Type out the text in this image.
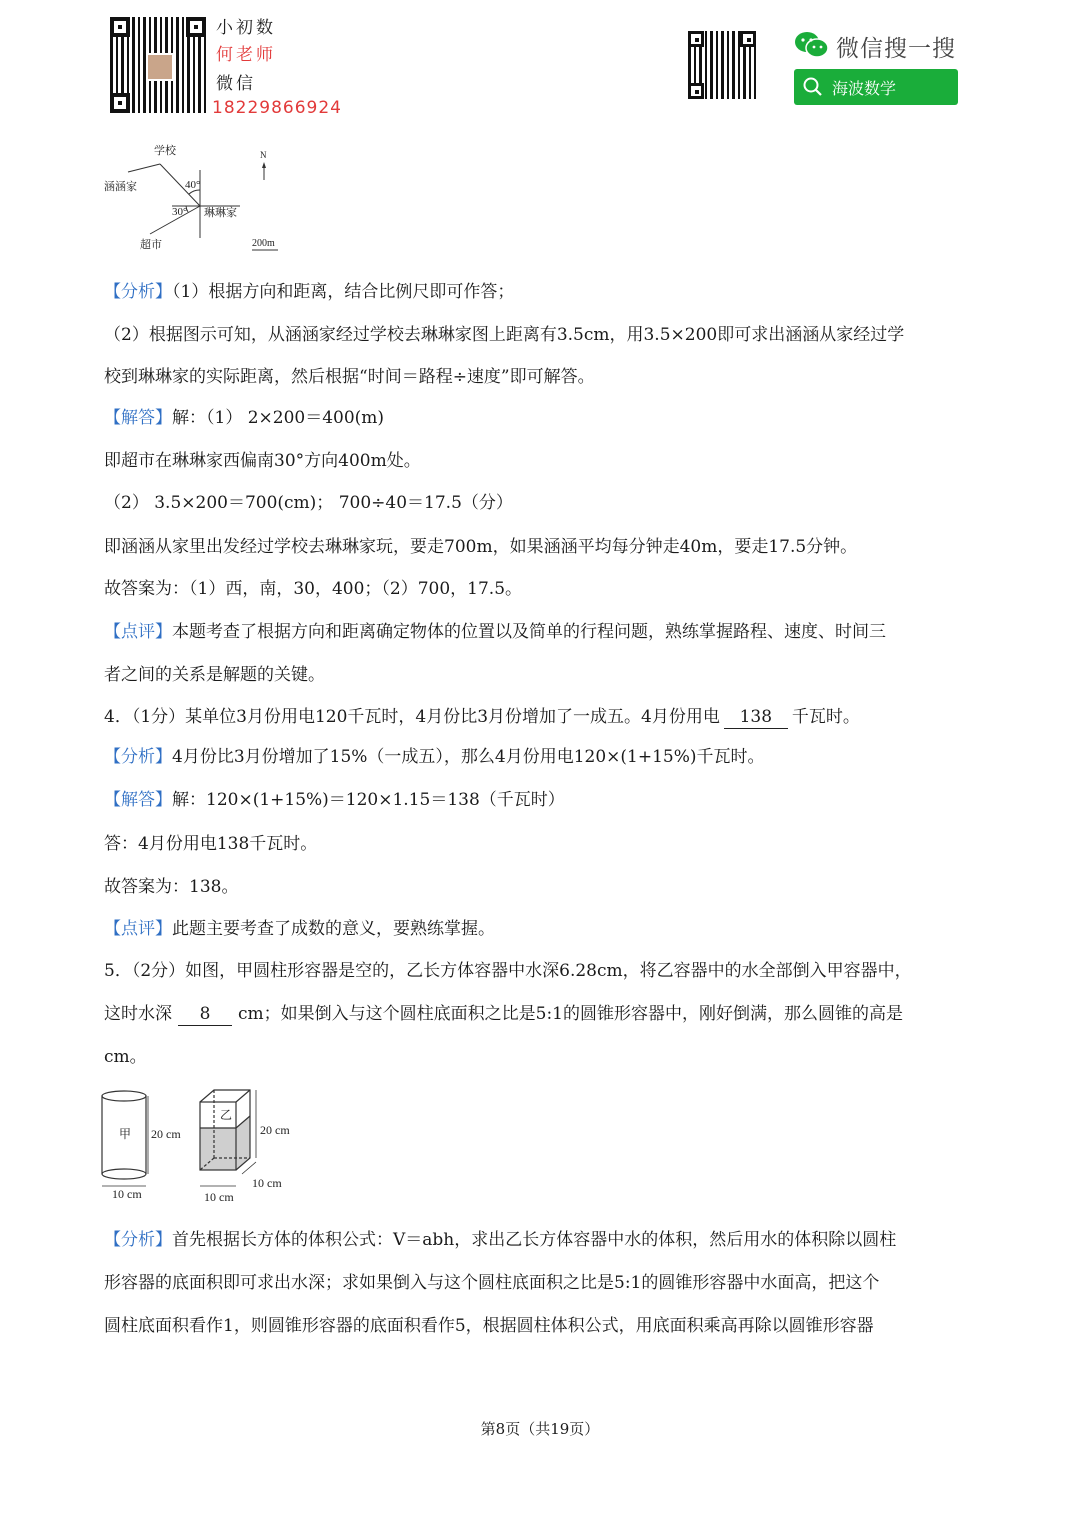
小初数
何老师
微信
18229866924
微信搜一搜
海波数学
学校
涵涵家	40°
30° 琳琳家
超市
N
200m
【分析】（1）根据方向和距离，结合比例尺即可作答；
（2）根据图示可知，从涵涵家经过学校去琳琳家图上距离有3.5cm，用3.5×200即可求出涵涵从家经过学
校到琳琳家的实际距离，然后根据“时间＝路程÷速度”即可解答。
【解答】解：（1） 2×200＝400(m)
即超市在琳琳家西偏南30°方向400m处。
（2） 3.5×200＝700(cm)； 700÷40＝17.5（分）
即涵涵从家里出发经过学校去琳琳家玩，要走700m，如果涵涵平均每分钟走40m，要走17.5分钟。
故答案为：（1）西，南，30，400；（2）700，17.5。
【点评】本题考查了根据方向和距离确定物体的位置以及简单的行程问题，熟练掌握路程、速度、时间三
者之间的关系是解题的关键。
4．（1分）某单位3月份用电120千瓦时，4月份比3月份增加了一成五。4月份用电 138 千瓦时。
【分析】4月份比3月份增加了15%（一成五），那么4月份用电120×(1+15%)千瓦时。
【解答】解：120×(1+15%)＝120×1.15＝138（千瓦时）
答：4月份用电138千瓦时。
故答案为：138。
【点评】此题主要考查了成数的意义，要熟练掌握。
5．（2分）如图，甲圆柱形容器是空的，乙长方体容器中水深6.28cm，将乙容器中的水全部倒入甲容器中，
这时水深 8 cm；如果倒入与这个圆柱底面积之比是5:1的圆锥形容器中，刚好倒满，那么圆锥的高是
cm。
甲 20 cm
10 cm
乙
20 cm
10 cm
10 cm
【分析】首先根据长方体的体积公式：V＝abh，求出乙长方体容器中水的体积，然后用水的体积除以圆柱
形容器的底面积即可求出水深；求如果倒入与这个圆柱底面积之比是5:1的圆锥形容器中水面高，把这个
圆柱底面积看作1，则圆锥形容器的底面积看作5，根据圆柱体积公式，用底面积乘高再除以圆锥形容器
第8页（共19页）
